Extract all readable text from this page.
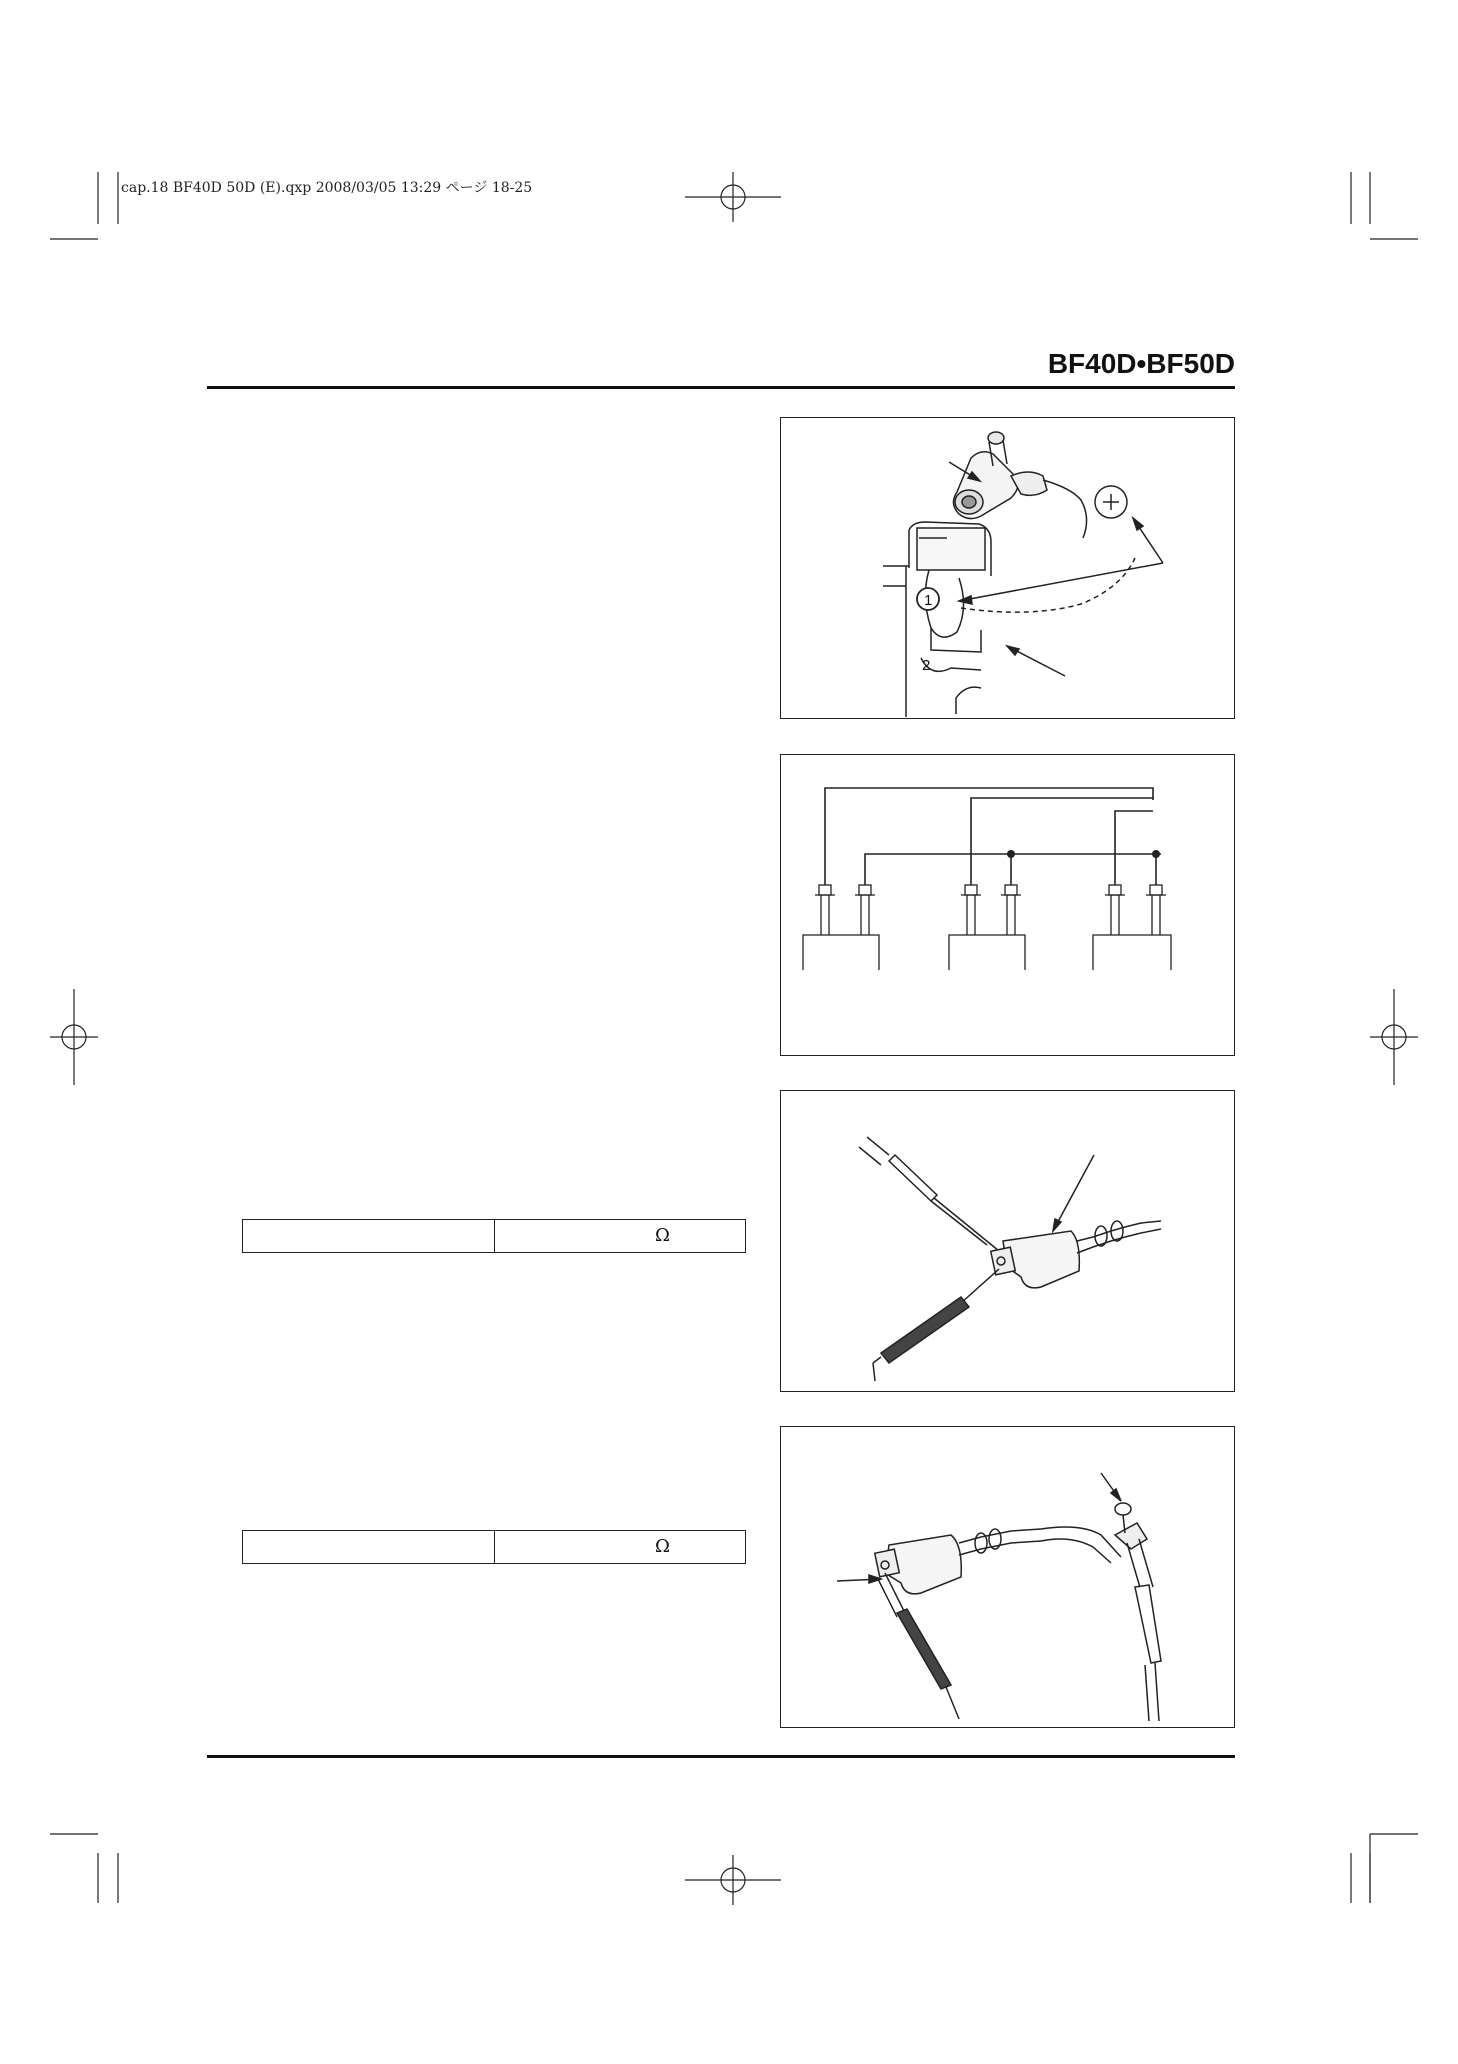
cap.18 BF40D 50D (E).qxp 2008/03/05 13:29 ページ 18-25
BF40D•BF50D
1
2
Ω
Ω
